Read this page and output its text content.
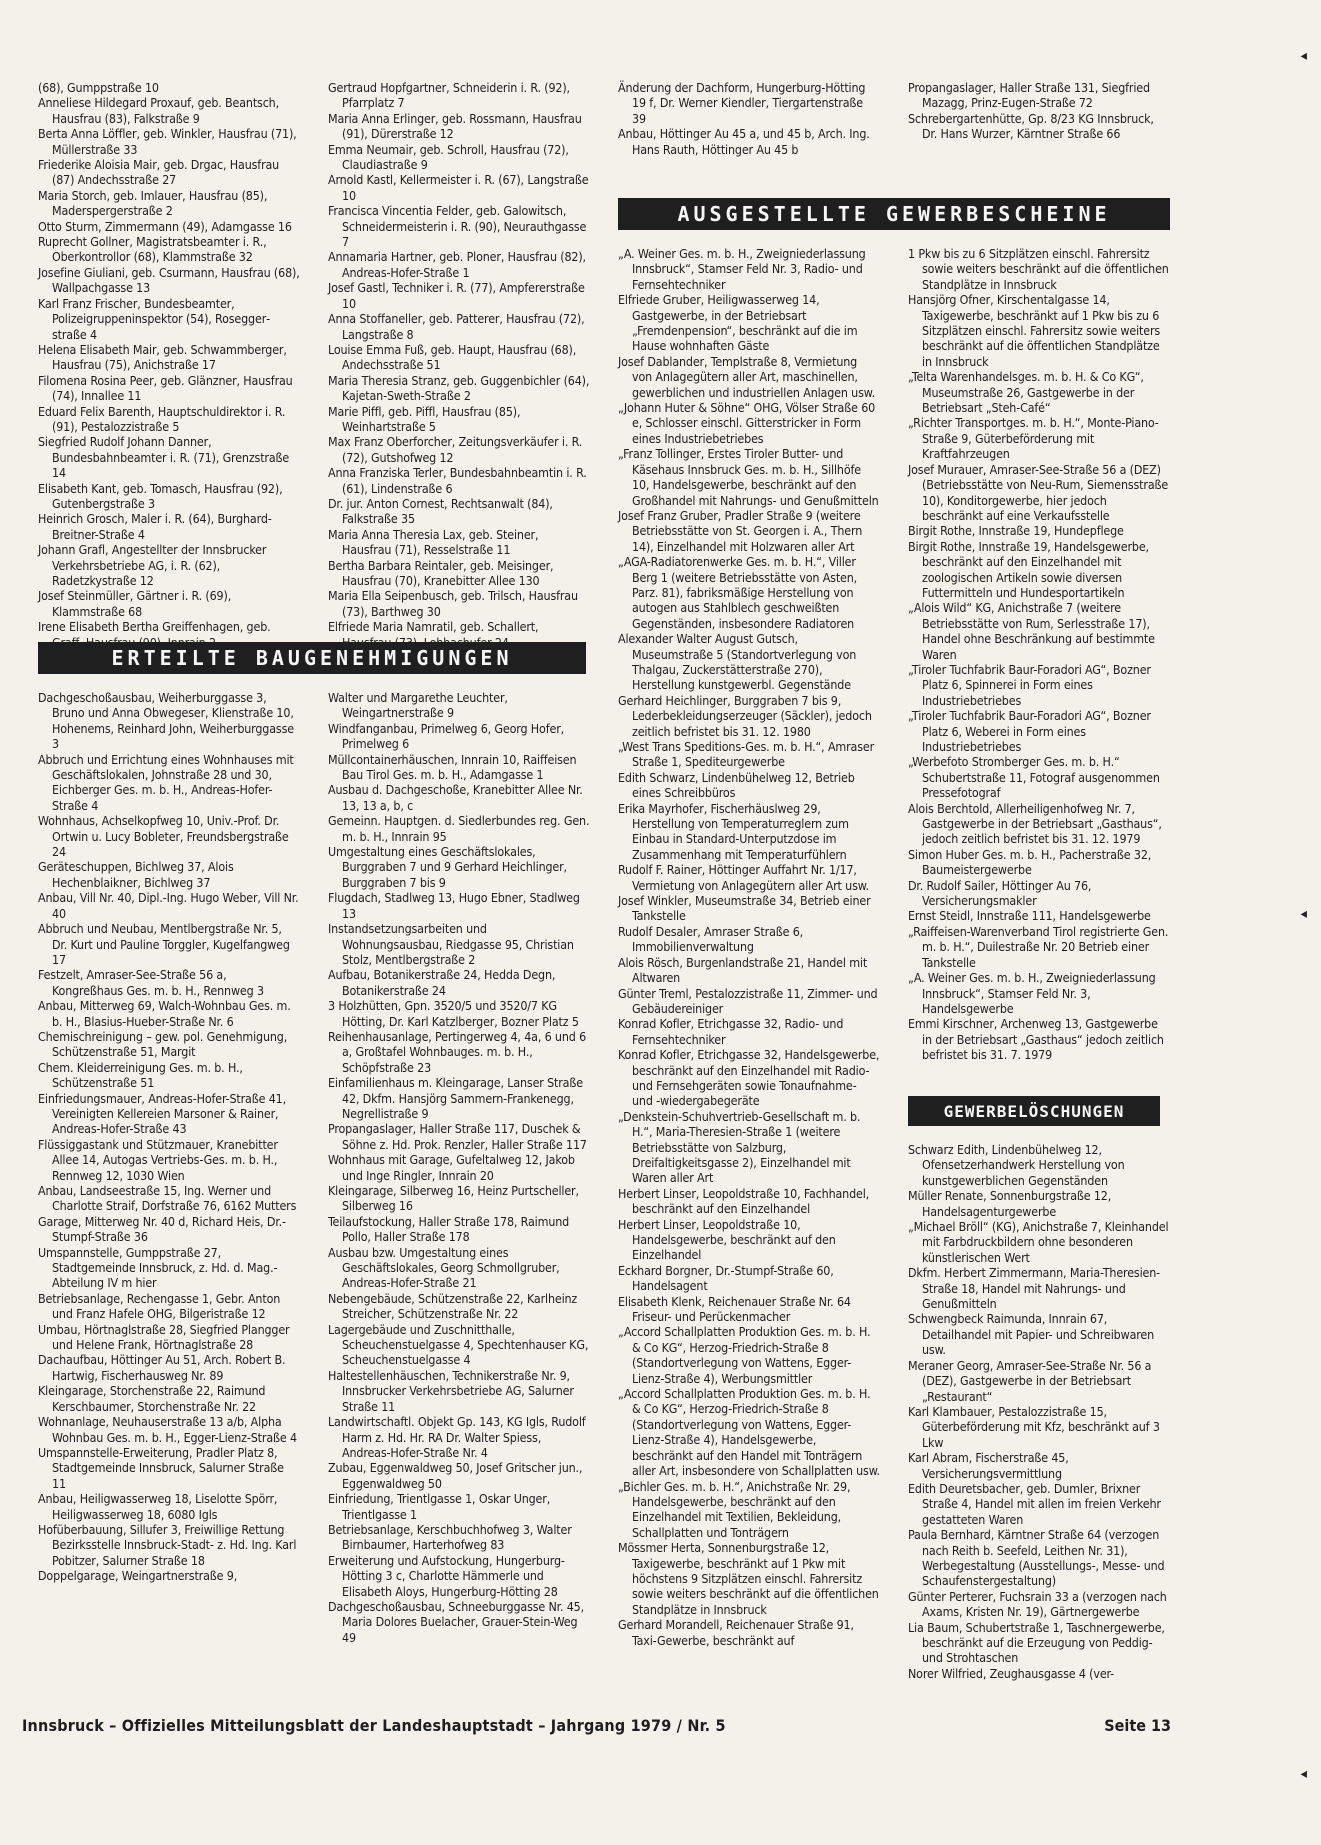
(68), Gumppstraße 10

Anneliese Hildegard Proxauf, geb. Beantsch, Hausfrau (83), Falkstraße 9

Berta Anna Löffler, geb. Winkler, Hausfrau (71), Müllerstraße 33

Friederike Aloisia Mair, geb. Drgac, Hausfrau (87) Andechsstraße 27

Maria Storch, geb. Imlauer, Hausfrau (85), Maderspergerstraße 2

Otto Sturm, Zimmermann (49), Adamgasse 16

Ruprecht Gollner, Magistratsbeamter i. R., Oberkontrollor (68), Klammstraße 32

Josefine Giuliani, geb. Csurmann, Hausfrau (68), Wallpachgasse 13

Karl Franz Frischer, Bundesbeamter, Polizeigruppeninspektor (54), Roseggerstraße 4

Helena Elisabeth Mair, geb. Schwammberger, Hausfrau (75), Anichstraße 17

Filomena Rosina Peer, geb. Glänzner, Hausfrau (74), Innallee 11

Eduard Felix Barenth, Hauptschuldirektor i. R. (91), Pestalozzistraße 5

Siegfried Rudolf Johann Danner, Bundesbahnbeamter i. R. (71), Grenzstraße 14

Elisabeth Kant, geb. Tomasch, Hausfrau (92), Gutenbergstraße 3

Heinrich Grosch, Maler i. R. (64), Burghard-Breitner-Straße 4

Johann Grafl, Angestellter der Innsbrucker Verkehrsbetriebe AG, i. R. (62), Radetzkystraße 12

Josef Steinmüller, Gärtner i. R. (69), Klammstraße 68

Irene Elisabeth Bertha Greiffenhagen, geb.

Gertraud Hopfgartner, Schneiderin i. R. (92), Pfarrplatz 7

Maria Anna Erlinger, geb. Rossmann, Hausfrau (91), Dürerstraße 12

Emma Neumair, geb. Schroll, Hausfrau (72), Claudiastraße 9

Arnold Kastl, Kellermeister i. R. (67), Langstraße 10

Francisca Vincentia Felder, geb. Galowitsch, Schneidermeisterin i. R. (90), Neurauthgasse 7

Annamaria Hartner, geb. Ploner, Hausfrau (82), Andreas-Hofer-Straße 1

Josef Gastl, Techniker i. R. (77), Ampfererstraße 10

Anna Stoffaneller, geb. Patterer, Hausfrau (72), Langstraße 8

Louise Emma Fuß, geb. Haupt, Hausfrau (68), Andechsstraße 51

Maria Theresia Stranz, geb. Guggenbichler (64), Kajetan-Sweth-Straße 2

Marie Piffl, geb. Piffl, Hausfrau (85), Weinhartstraße 5

Max Franz Oberforcher, Zeitungsverkäufer i. R. (72), Gutshofweg 12

Anna Franziska Terler, Bundesbahnbeamtin i. R. (61), Lindenstraße 6

Dr. jur. Anton Cornest, Rechtsanwalt (84), Falkstraße 35

Maria Anna Theresia Lax, geb. Steiner, Hausfrau (71), Resselstraße 11

Bertha Barbara Reintaler, geb. Meisinger, Hausfrau (70), Kranebitter Allee 130

Maria Ella Seipenbusch, geb. Trilsch, Hausfrau (73), Barthweg 30

Elfriede Maria Namratil, geb. Schallert,

Änderung der Dachform, Hungerburg-Hötting 19 f, Dr. Werner Kiendler, Tiergartenstraße 39

Anbau, Höttinger Au 45 a, und 45 b, Arch. Ing. Hans Rauth, Höttinger Au 45 b

Propangaslager, Haller Straße 131, Siegfried Mazagg, Prinz-Eugen-Straße 72

Schrebergartenhütte, Gp. 8/23 KG Innsbruck, Dr. Hans Wurzer, Kärntner Straße 66

AUSGESTELLTE GEWERBESCHEINE

„A. Weiner Ges. m. b. H., Zweigniederlassung Innsbruck“, Stamser Feld Nr. 3, Radio- und Fernsehtechniker

Elfriede Gruber, Heiligwasserweg 14, Gastgewerbe, in der Betriebsart „Fremdenpension“, beschränkt auf die im Hause wohnhaften Gäste

Josef Dablander, Templstraße 8, Vermietung von Anlagegütern aller Art, maschinellen, gewerblichen und industriellen Anlagen usw.

„Johann Huter & Söhne“ OHG, Völser Straße 60 e, Schlosser einschl. Gitterstricker in Form eines Industriebetriebes

„Franz Tollinger, Erstes Tiroler Butter- und Käsehaus Innsbruck Ges. m. b. H., Sillhöfe 10, Handelsgewerbe, beschränkt auf den Großhandel mit Nahrungs- und Genußmitteln

Josef Franz Gruber, Pradler Straße 9 (weitere Betriebsstätte von St. Georgen i. A., Thern 14), Einzelhandel mit Holzwaren aller Art

„AGA-Radiatorenwerke Ges. m. b. H.“, Viller Berg 1 (weitere Betriebsstätte von Asten, Parz. 81), fabriksmäßige Herstellung von autogen aus Stahlblech geschweißten Gegenständen, insbesondere Radiatoren

Alexander Walter August Gutsch, Museumstraße 5 (Standortverlegung von Thalgau, Zuckerstätterstraße 270), Herstellung kunstgewerbl. Gegenstände

Gerhard Heichlinger, Burggraben 7 bis 9, Lederbekleidungserzeuger (Säckler), jedoch zeitlich befristet bis 31. 12. 1980

„West Trans Speditions-Ges. m. b. H.“, Amraser Straße 1, Spediteurgewerbe

Edith Schwarz, Lindenbühelweg 12, Betrieb eines Schreibbüros

Erika Mayrhofer, Fischerhäuslweg 29, Herstellung von Temperaturreglern zum Einbau in Standard-Unterputzdose im Zusammenhang mit Temperaturfühlern

Rudolf F. Rainer, Höttinger Auffahrt Nr. 1/17, Vermietung von Anlagegütern aller Art usw.

Josef Winkler, Museumstraße 34, Betrieb einer Tankstelle

Rudolf Desaler, Amraser Straße 6, Immobilienverwaltung

Alois Rösch, Burgenlandstraße 21, Handel mit Altwaren

Günter Treml, Pestalozzistraße 11, Zimmer- und Gebäudereiniger

Konrad Kofler, Etrichgasse 32, Radio- und Fernsehtechniker

Konrad Kofler, Etrichgasse 32, Handelsgewerbe, beschränkt auf den Einzelhandel mit Radio- und Fernsehgeräten sowie Tonaufnahme- und -wiedergabegeräte

„Denkstein-Schuhvertrieb-Gesellschaft m. b. H.“, Maria-Theresien-Straße 1 (weitere Betriebsstätte von Salzburg, Dreifaltigkeitsgasse 2), Einzelhandel mit Waren aller Art

Herbert Linser, Leopoldstraße 10, Fachhandel, beschränkt auf den Einzelhandel

Herbert Linser, Leopoldstraße 10, Handelsgewerbe, beschränkt auf den Einzelhandel

Eckhard Borgner, Dr.-Stumpf-Straße 60, Handelsagent

Elisabeth Klenk, Reichenauer Straße Nr. 64 Friseur- und Perückenmacher

„Accord Schallplatten Produktion Ges. m. b. H. & Co KG“, Herzog-Friedrich-Straße 8 (Standortverlegung von Wattens, Egger-Lienz-Straße 4), Werbungsmittler

„Accord Schallplatten Produktion Ges. m. b. H. & Co KG“, Herzog-Friedrich-Straße 8 (Standortverlegung von Wattens, Egger-Lienz-Straße 4), Handelsgewerbe, beschränkt auf den Handel mit Tonträgern aller Art, insbesondere von Schallplatten usw.

„Bichler Ges. m. b. H.“, Anichstraße Nr. 29, Handelsgewerbe, beschränkt auf den Einzelhandel mit Textilien, Bekleidung, Schallplatten und Tonträgern

Mössmer Herta, Sonnenburgstraße 12, Taxigewerbe, beschränkt auf 1 Pkw mit höchstens 9 Sitzplätzen einschl. Fahrersitz sowie weiters beschränkt auf die öffentlichen Standplätze in Innsbruck

Gerhard Morandell, Reichenauer Straße 91, Taxi-Gewerbe, beschränkt auf

1 Pkw bis zu 6 Sitzplätzen einschl. Fahrersitz sowie weiters beschränkt auf die öffentlichen Standplätze in Innsbruck

Hansjörg Ofner, Kirschentalgasse 14, Taxigewerbe, beschränkt auf 1 Pkw bis zu 6 Sitzplätzen einschl. Fahrersitz sowie weiters beschränkt auf die öffentlichen Standplätze in Innsbruck

„Telta Warenhandelsges. m. b. H. & Co KG“, Museumstraße 26, Gastgewerbe in der Betriebsart „Steh-Café“

„Richter Transportges. m. b. H.“, Monte-Piano-Straße 9, Güterbeförderung mit Kraftfahrzeugen

Josef Murauer, Amraser-See-Straße 56 a (DEZ) (Betriebsstätte von Neu-Rum, Siemensstraße 10), Konditorgewerbe, hier jedoch beschränkt auf eine Verkaufsstelle

Birgit Rothe, Innstraße 19, Hundepflege

Birgit Rothe, Innstraße 19, Handelsgewerbe, beschränkt auf den Einzelhandel mit zoologischen Artikeln sowie diversen Futtermitteln und Hundesportartikeln

„Alois Wild“ KG, Anichstraße 7 (weitere Betriebsstätte von Rum, Serlesstraße 17), Handel ohne Beschränkung auf bestimmte Waren

„Tiroler Tuchfabrik Baur-Foradori AG“, Bozner Platz 6, Spinnerei in Form eines Industriebetriebes

„Tiroler Tuchfabrik Baur-Foradori AG“, Bozner Platz 6, Weberei in Form eines Industriebetriebes

„Werbefoto Stromberger Ges. m. b. H.“ Schubertstraße 11, Fotograf ausgenommen Pressefotograf

Alois Berchtold, Allerheiligenhofweg Nr. 7, Gastgewerbe in der Betriebsart „Gasthaus“, jedoch zeitlich befristet bis 31. 12. 1979

Simon Huber Ges. m. b. H., Pacherstraße 32, Baumeistergewerbe

Dr. Rudolf Sailer, Höttinger Au 76, Versicherungsmakler

Ernst Steidl, Innstraße 111, Handelsgewerbe

„Raiffeisen-Warenverband Tirol registrierte Gen. m. b. H.“, Duilestraße Nr. 20 Betrieb einer Tankstelle

„A. Weiner Ges. m. b. H., Zweigniederlassung Innsbruck“, Stamser Feld Nr. 3, Handelsgewerbe

Emmi Kirschner, Archenweg 13, Gastgewerbe in der Betriebsart „Gasthaus“ jedoch zeitlich befristet bis 31. 7. 1979

ERTEILTE BAUGENEHMIGUNGEN

Dachgeschoßausbau, Weiherburggasse 3, Bruno und Anna Obwegeser, Klienstraße 10, Hohenems, Reinhard John, Weiherburggasse 3

Abbruch und Errichtung eines Wohnhauses mit Geschäftslokalen, Johnstraße 28 und 30, Eichberger Ges. m. b. H., Andreas-Hofer-Straße 4

Wohnhaus, Achselkopfweg 10, Univ.-Prof. Dr. Ortwin u. Lucy Bobleter, Freundsbergstraße 24

Geräteschuppen, Bichlweg 37, Alois Hechenblaikner, Bichlweg 37

Anbau, Vill Nr. 40, Dipl.-Ing. Hugo Weber, Vill Nr. 40

Abbruch und Neubau, Mentlbergstraße Nr. 5, Dr. Kurt und Pauline Torggler, Kugelfangweg 17

Festzelt, Amraser-See-Straße 56 a, Kongreßhaus Ges. m. b. H., Rennweg 3

Anbau, Mitterweg 69, Walch-Wohnbau Ges. m. b. H., Blasius-Hueber-Straße Nr. 6

Chemischreinigung – gew. pol. Genehmigung, Schützenstraße 51, Margit

Chem. Kleiderreinigung Ges. m. b. H., Schützenstraße 51

Einfriedungsmauer, Andreas-Hofer-Straße 41, Vereinigten Kellereien Marsoner & Rainer, Andreas-Hofer-Straße 43

Flüssiggastank und Stützmauer, Kranebitter Allee 14, Autogas Vertriebs-Ges. m. b. H., Rennweg 12, 1030 Wien

Anbau, Landseestraße 15, Ing. Werner und Charlotte Straif, Dorfstraße 76, 6162 Mutters

Garage, Mitterweg Nr. 40 d, Richard Heis, Dr.-Stumpf-Straße 36

Umspannstelle, Gumppstraße 27, Stadtgemeinde Innsbruck, z. Hd. d. Mag.-Abteilung IV m hier

Betriebsanlage, Rechengasse 1, Gebr. Anton und Franz Hafele OHG, Bilgeristraße 12

Umbau, Hörtnaglstraße 28, Siegfried Plangger und Helene Frank, Hörtnaglstraße 28

Dachaufbau, Höttinger Au 51, Arch. Robert B. Hartwig, Fischerhausweg Nr. 89

Kleingarage, Storchenstraße 22, Raimund Kerschbaumer, Storchenstraße Nr. 22

Wohnanlage, Neuhauserstraße 13 a/b, Alpha Wohnbau Ges. m. b. H., Egger-Lienz-Straße 4

Umspannstelle-Erweiterung, Pradler Platz 8, Stadtgemeinde Innsbruck, Salurner Straße 11

Anbau, Heiligwasserweg 18, Liselotte Spörr, Heiligwasserweg 18, 6080 Igls

Hofüberbauung, Sillufer 3, Freiwillige Rettung Bezirksstelle Innsbruck-Stadt- z. Hd. Ing. Karl Pobitzer, Salurner Straße 18

Doppelgarage, Weingartnerstraße 9,

Walter und Margarethe Leuchter, Weingartnerstraße 9

Windfanganbau, Primelweg 6, Georg Hofer, Primelweg 6

Müllcontainerhäuschen, Innrain 10, Raiffeisen Bau Tirol Ges. m. b. H., Adamgasse 1

Ausbau d. Dachgeschoße, Kranebitter Allee Nr. 13, 13 a, b, c

Gemeinn. Hauptgen. d. Siedlerbundes reg. Gen. m. b. H., Innrain 95

Umgestaltung eines Geschäftslokales, Burggraben 7 und 9 Gerhard Heichlinger, Burggraben 7 bis 9

Flugdach, Stadlweg 13, Hugo Ebner, Stadlweg 13

Instandsetzungsarbeiten und Wohnungsausbau, Riedgasse 95, Christian Stolz, Mentlbergstraße 2

Aufbau, Botanikerstraße 24, Hedda Degn, Botanikerstraße 24

3 Holzhütten, Gpn. 3520/5 und 3520/7 KG Hötting, Dr. Karl Katzlberger, Bozner Platz 5

Reihenhausanlage, Pertingerweg 4, 4a, 6 und 6 a, Großtafel Wohnbauges. m. b. H., Schöpfstraße 23

Einfamilienhaus m. Kleingarage, Lanser Straße 42, Dkfm. Hansjörg Sammern-Frankenegg, Negrellistraße 9

Propangaslager, Haller Straße 117, Duschek & Söhne z. Hd. Prok. Renzler, Haller Straße 117

Wohnhaus mit Garage, Gufeltalweg 12, Jakob und Inge Ringler, Innrain 20

Kleingarage, Silberweg 16, Heinz Purtscheller, Silberweg 16

Teilaufstockung, Haller Straße 178, Raimund Pollo, Haller Straße 178

Ausbau bzw. Umgestaltung eines Geschäftslokales, Georg Schmollgruber, Andreas-Hofer-Straße 21

Nebengebäude, Schützenstraße 22, Karlheinz Streicher, Schützenstraße Nr. 22

Lagergebäude und Zuschnitthalle, Scheuchenstuelgasse 4, Spechtenhauser KG, Scheuchenstuelgasse 4

Haltestellenhäuschen, Technikerstraße Nr. 9, Innsbrucker Verkehrsbetriebe AG, Salurner Straße 11

Landwirtschaftl. Objekt Gp. 143, KG Igls, Rudolf Harm z. Hd. Hr. RA Dr. Walter Spiess, Andreas-Hofer-Straße Nr. 4

Zubau, Eggenwaldweg 50, Josef Gritscher jun., Eggenwaldweg 50

Einfriedung, Trientlgasse 1, Oskar Unger, Trientlgasse 1

Betriebsanlage, Kerschbuchhofweg 3, Walter Birnbaumer, Harterhofweg 83

Erweiterung und Aufstockung, Hungerburg-Hötting 3 c, Charlotte Hämmerle und Elisabeth Aloys, Hungerburg-Hötting 28

Dachgeschoßausbau, Schneeburggasse Nr. 45, Maria Dolores Buelacher, Grauer-Stein-Weg 49

GEWERBELÖSCHUNGEN

Schwarz Edith, Lindenbühelweg 12, Ofensetzerhandwerk Herstellung von kunstgewerblichen Gegenständen

Müller Renate, Sonnenburgstraße 12, Handelsagenturgewerbe

„Michael Bröll“ (KG), Anichstraße 7, Kleinhandel mit Farbdruckbildern ohne besonderen künstlerischen Wert

Dkfm. Herbert Zimmermann, Maria-Theresien-Straße 18, Handel mit Nahrungs- und Genußmitteln

Schwengbeck Raimunda, Innrain 67, Detailhandel mit Papier- und Schreibwaren usw.

Meraner Georg, Amraser-See-Straße Nr. 56 a (DEZ), Gastgewerbe in der Betriebsart „Restaurant“

Karl Klambauer, Pestalozzistraße 15, Güterbeförderung mit Kfz, beschränkt auf 3 Lkw

Karl Abram, Fischerstraße 45, Versicherungsvermittlung

Edith Deuretsbacher, geb. Dumler, Brixner Straße 4, Handel mit allen im freien Verkehr gestatteten Waren

Paula Bernhard, Kärntner Straße 64 (verzogen nach Reith b. Seefeld, Leithen Nr. 31), Werbegestaltung (Ausstellungs-, Messe- und Schaufenstergestaltung)

Günter Perterer, Fuchsrain 33 a (verzogen nach Axams, Kristen Nr. 19), Gärtnergewerbe

Lia Baum, Schubertstraße 1, Taschnergewerbe, beschränkt auf die Erzeugung von Peddig- und Strohtaschen

Norer Wilfried, Zeughausgasse 4 (ver-

Innsbruck – Offizielles Mitteilungsblatt der Landeshauptstadt – Jahrgang 1979 / Nr. 5	Seite 13
◂
◂
◂
